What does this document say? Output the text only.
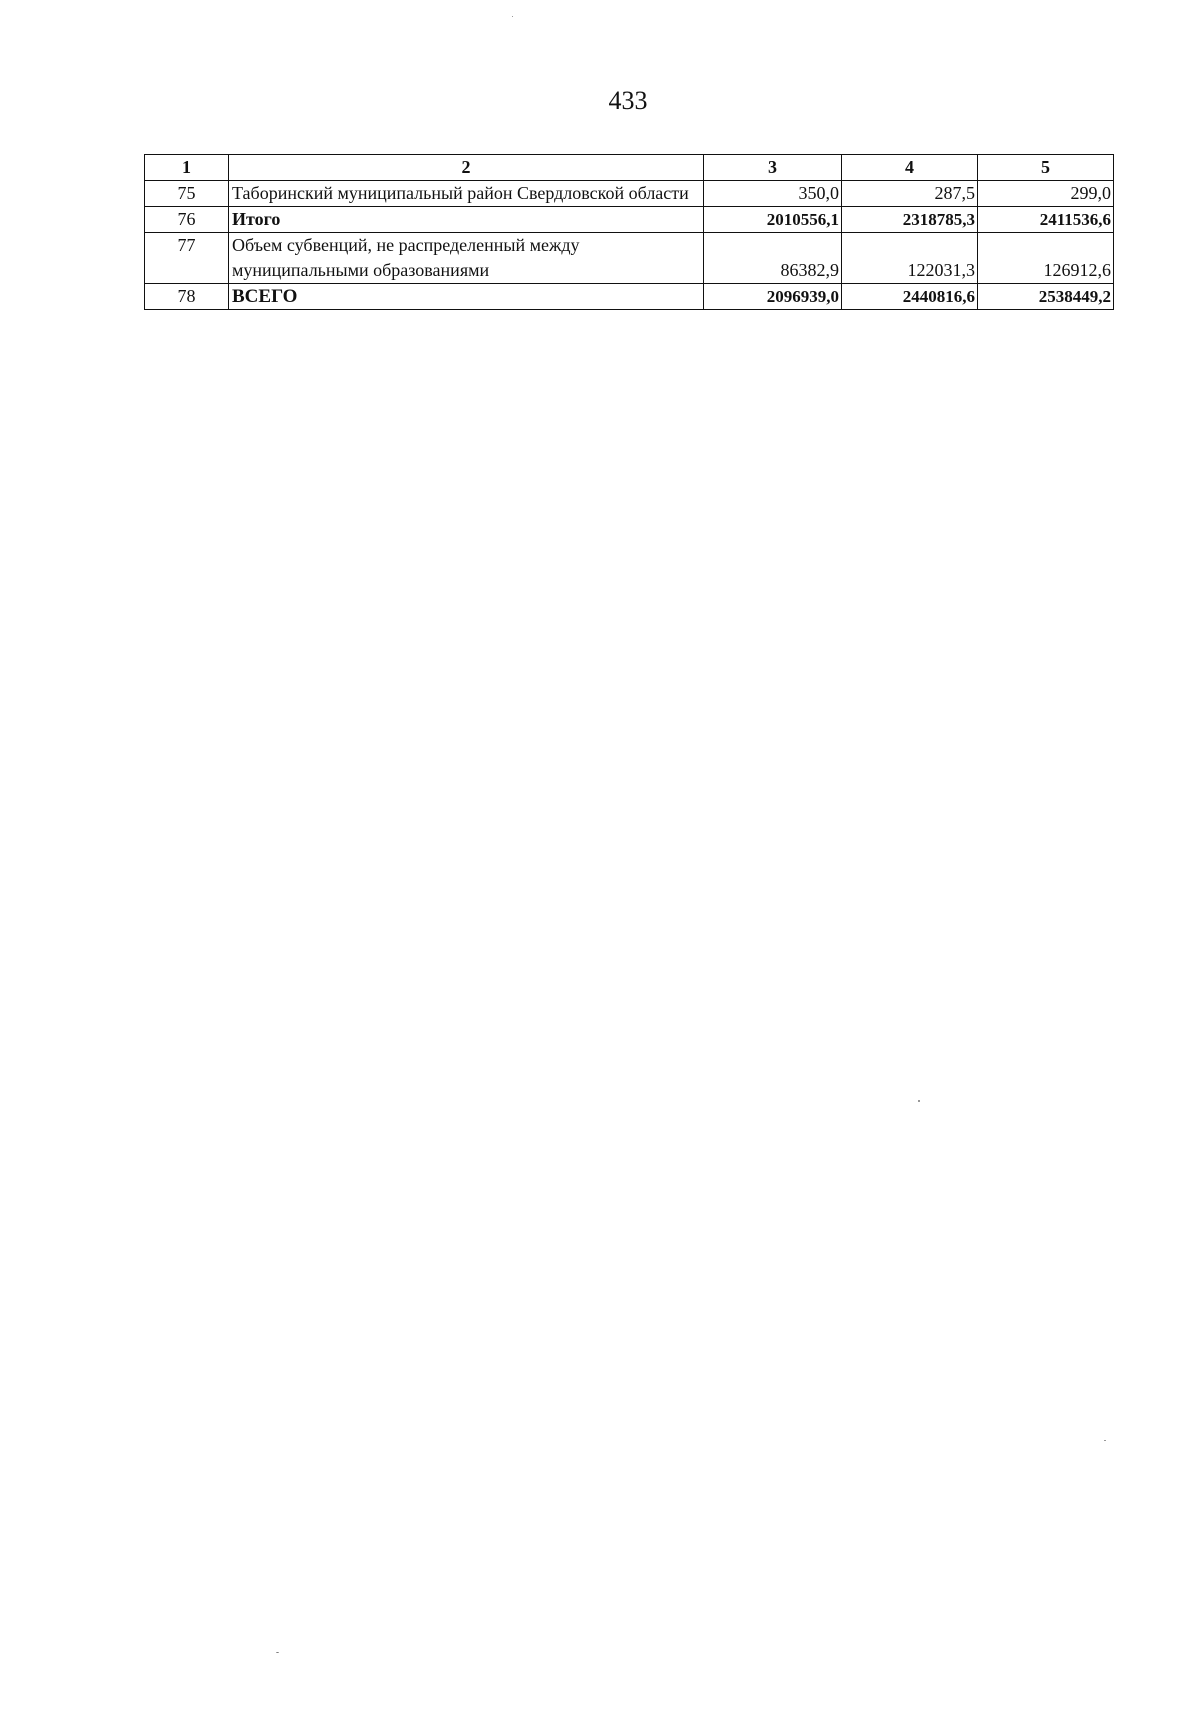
433
1	2	3	4	5
75	Таборинский муниципальный район Свердловской области	350,0	287,5	299,0
76	Итого	2010556,1	2318785,3	2411536,6
77	Объем субвенций, не распределенный между муниципальными образованиями	86382,9	122031,3	126912,6
78	ВСЕГО	2096939,0	2440816,6	2538449,2
